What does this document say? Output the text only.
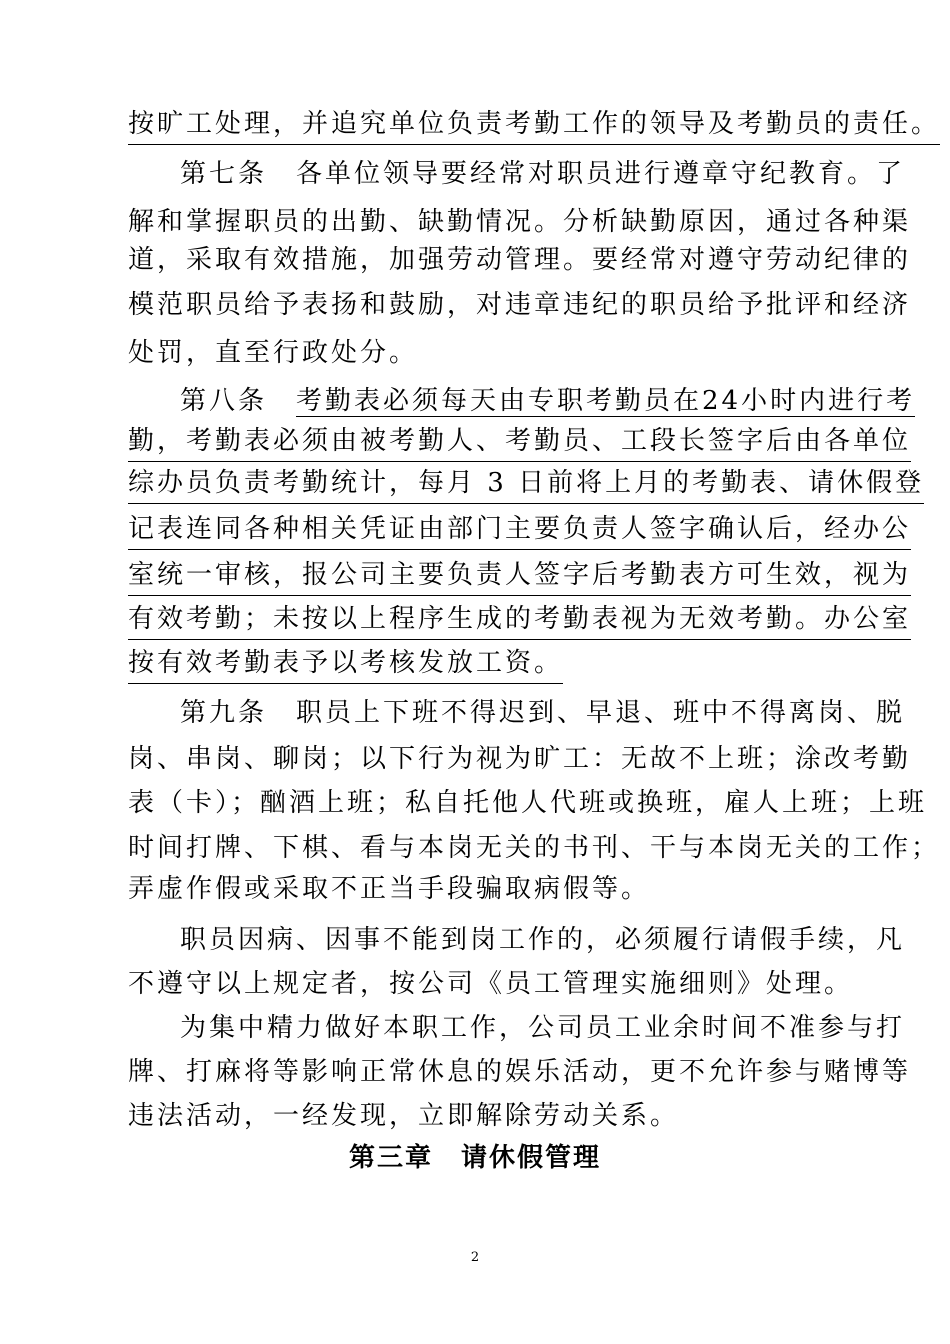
按旷工处理，并追究单位负责考勤工作的领导及考勤员的责任。
第七条　各单位领导要经常对职员进行遵章守纪教育。了
解和掌握职员的出勤、缺勤情况。分析缺勤原因，通过各种渠
道，采取有效措施，加强劳动管理。要经常对遵守劳动纪律的
模范职员给予表扬和鼓励，对违章违纪的职员给予批评和经济
处罚，直至行政处分。
第八条　考勤表必须每天由专职考勤员在24小时内进行考
勤，考勤表必须由被考勤人、考勤员、工段长签字后由各单位
综办员负责考勤统计，每月 3 日前将上月的考勤表、请休假登
记表连同各种相关凭证由部门主要负责人签字确认后，经办公
室统一审核，报公司主要负责人签字后考勤表方可生效，视为
有效考勤；未按以上程序生成的考勤表视为无效考勤。办公室
按有效考勤表予以考核发放工资。
第九条　职员上下班不得迟到、早退、班中不得离岗、脱
岗、串岗、聊岗；以下行为视为旷工：无故不上班；涂改考勤
表（卡）；酗酒上班；私自托他人代班或换班，雇人上班；上班
时间打牌、下棋、看与本岗无关的书刊、干与本岗无关的工作；
弄虚作假或采取不正当手段骗取病假等。
职员因病、因事不能到岗工作的，必须履行请假手续，凡
不遵守以上规定者，按公司《员工管理实施细则》处理。
为集中精力做好本职工作，公司员工业余时间不准参与打
牌、打麻将等影响正常休息的娱乐活动，更不允许参与赌博等
违法活动，一经发现，立即解除劳动关系。
第三章　请休假管理
2
